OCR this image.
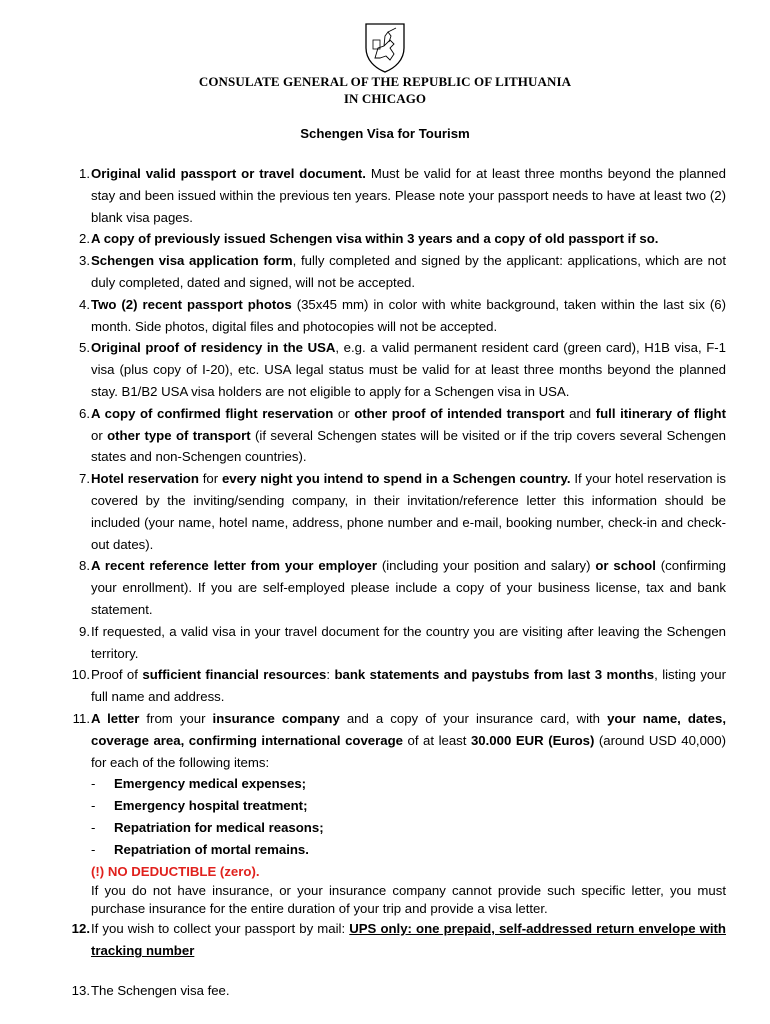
CONSULATE GENERAL OF THE REPUBLIC OF LITHUANIA
IN CHICAGO
Schengen Visa for Tourism
1. Original valid passport or travel document. Must be valid for at least three months beyond the planned stay and been issued within the previous ten years. Please note your passport needs to have at least two (2) blank visa pages.
2. A copy of previously issued Schengen visa within 3 years and a copy of old passport if so.
3. Schengen visa application form, fully completed and signed by the applicant: applications, which are not duly completed, dated and signed, will not be accepted.
4. Two (2) recent passport photos (35x45 mm) in color with white background, taken within the last six (6) month. Side photos, digital files and photocopies will not be accepted.
5. Original proof of residency in the USA, e.g. a valid permanent resident card (green card), H1B visa, F-1 visa (plus copy of I-20), etc. USA legal status must be valid for at least three months beyond the planned stay. B1/B2 USA visa holders are not eligible to apply for a Schengen visa in USA.
6. A copy of confirmed flight reservation or other proof of intended transport and full itinerary of flight or other type of transport (if several Schengen states will be visited or if the trip covers several Schengen states and non-Schengen countries).
7. Hotel reservation for every night you intend to spend in a Schengen country. If your hotel reservation is covered by the inviting/sending company, in their invitation/reference letter this information should be included (your name, hotel name, address, phone number and e-mail, booking number, check-in and check-out dates).
8. A recent reference letter from your employer (including your position and salary) or school (confirming your enrollment). If you are self-employed please include a copy of your business license, tax and bank statement.
9. If requested, a valid visa in your travel document for the country you are visiting after leaving the Schengen territory.
10. Proof of sufficient financial resources: bank statements and paystubs from last 3 months, listing your full name and address.
11. A letter from your insurance company and a copy of your insurance card, with your name, dates, coverage area, confirming international coverage of at least 30.000 EUR (Euros) (around USD 40,000) for each of the following items:
- Emergency medical expenses;
- Emergency hospital treatment;
- Repatriation for medical reasons;
- Repatriation of mortal remains.
(!) NO DEDUCTIBLE (zero).
If you do not have insurance, or your insurance company cannot provide such specific letter, you must purchase insurance for the entire duration of your trip and provide a visa letter.
12. If you wish to collect your passport by mail: UPS only: one prepaid, self-addressed return envelope with tracking number
13. The Schengen visa fee.
